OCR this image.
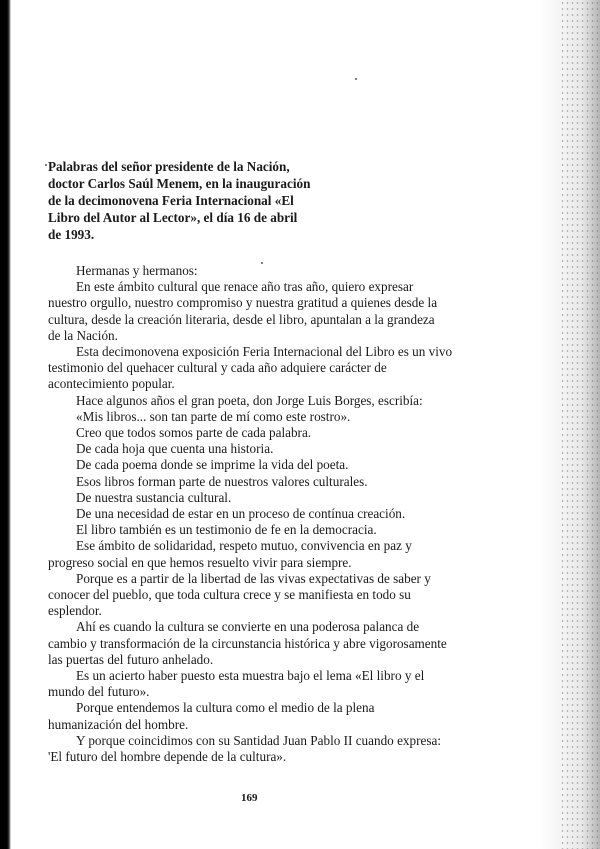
Palabras del señor presidente de la Nación,
doctor Carlos Saúl Menem, en la inauguración
de la decimonovena Feria Internacional «El
Libro del Autor al Lector», el día 16 de abril
de 1993.
Hermanas y hermanos:
En este ámbito cultural que renace año tras año, quiero expresar
nuestro orgullo, nuestro compromiso y nuestra gratitud a quienes desde la
cultura, desde la creación literaria, desde el libro, apuntalan a la grandeza
de la Nación.
Esta decimonovena exposición Feria Internacional del Libro es un vivo
testimonio del quehacer cultural y cada año adquiere carácter de
acontecimiento popular.
Hace algunos años el gran poeta, don Jorge Luis Borges, escribía:
«Mis libros... son tan parte de mí como este rostro».
Creo que todos somos parte de cada palabra.
De cada hoja que cuenta una historia.
De cada poema donde se imprime la vida del poeta.
Esos libros forman parte de nuestros valores culturales.
De nuestra sustancia cultural.
De una necesidad de estar en un proceso de contínua creación.
El libro también es un testimonio de fe en la democracia.
Ese ámbito de solidaridad, respeto mutuo, convivencia en paz y
progreso social en que hemos resuelto vivir para siempre.
Porque es a partir de la libertad de las vivas expectativas de saber y
conocer del pueblo, que toda cultura crece y se manifiesta en todo su
esplendor.
Ahí es cuando la cultura se convierte en una poderosa palanca de
cambio y transformación de la circunstancia histórica y abre vigorosamente
las puertas del futuro anhelado.
Es un acierto haber puesto esta muestra bajo el lema «El libro y el
mundo del futuro».
Porque entendemos la cultura como el medio de la plena
humanización del hombre.
Y porque coincidimos con su Santidad Juan Pablo II cuando expresa:
'El futuro del hombre depende de la cultura».
169
